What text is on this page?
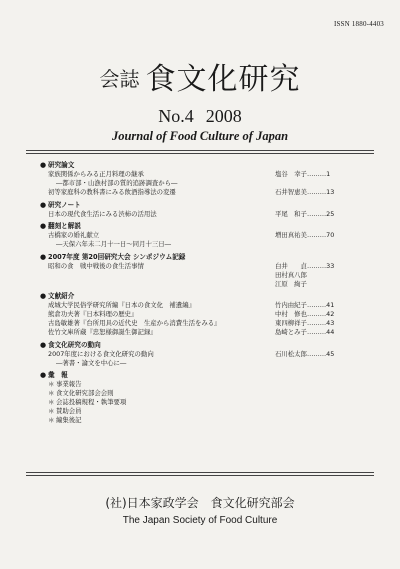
ISSN 1880-4403
会誌 食文化研究
No.4 2008
Journal of Food Culture of Japan
● 研究論文
家族関係からみる正月料理の継承	塩谷　幸子………1
―都市部・山漁村部の質的追跡調査から―
初等家庭科の教科書にみる飲酒指導法の変遷	石井智恵美………13
● 研究ノート
日本の現代食生活にみる渋柿の活用法	平尾　和子………25
● 翻刻と解説
古橋家の婚礼献立	増田真祐美………70
―天保六年未二月十一日～同月十三日―
● 2007年度 第20回研究大会 シンポジウム記録
昭和の食　戦中戦後の食生活事情	白井　　貞………33
田村真八郎
江原　絢子
● 文献紹介
成城大学民俗学研究所編『日本の食文化　補遺編』	竹内由紀子………41
熊倉功夫著『日本料理の歴史』	中村　修也………42
古島敏雄著『台所用具の近代史　生産から消費生活をみる』	東四柳祥子………43
佐竹文庫所蔵『忠恕様御誕生御記録』	島崎とみ子………44
● 食文化研究の動向
2007年度における食文化研究の動向	石川松太郎………45
―著書・論文を中心に―
● 彙　報
＊ 事業報告
＊ 食文化研究部会会則
＊ 会誌投稿規程・執筆要項
＊ 賛助会員
＊ 編集後記
(社)日本家政学会　食文化研究部会
The Japan Society of Food Culture
